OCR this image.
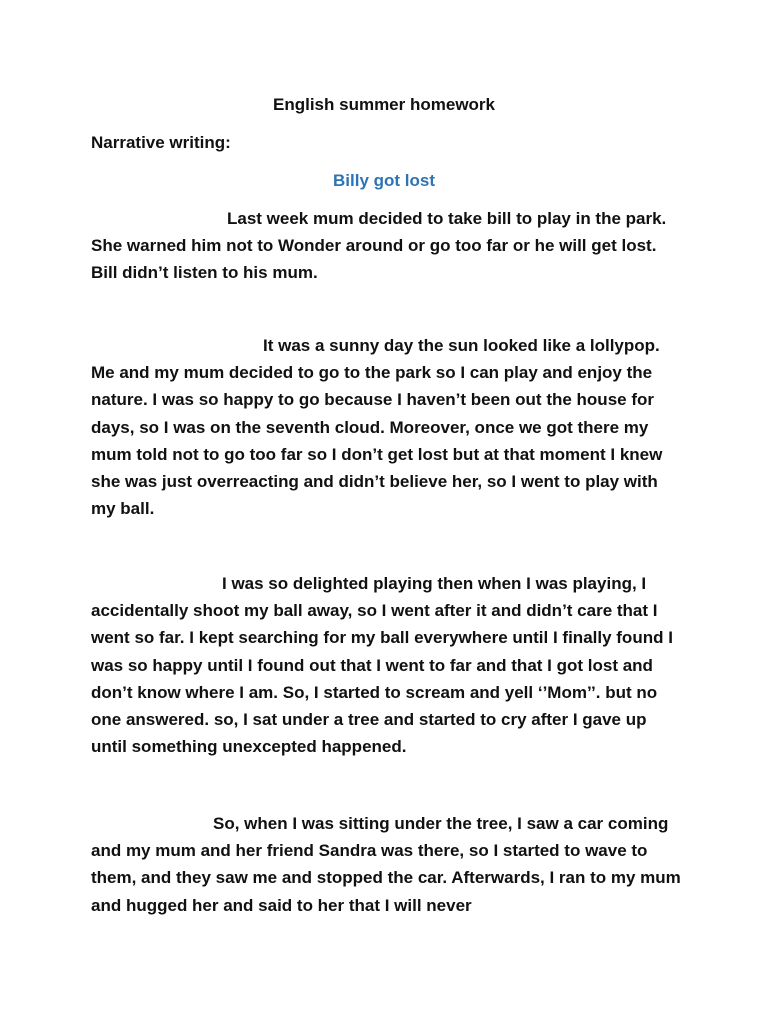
English summer homework

Narrative writing:

Billy got lost

Last week mum decided to take bill to play in the park. She warned him not to Wonder around or go too far or he will get lost. Bill didn’t listen to his mum.

It was a sunny day the sun looked like a lollypop. Me and my mum decided to go to the park so I can play and enjoy the nature. I was so happy to go because I haven’t been out the house for days, so I was on the seventh cloud. Moreover, once we got there my mum told not to go too far so I don’t get lost but at that moment I knew she was just overreacting and didn’t believe her, so I went to play with my ball.

I was so delighted playing then when I was playing, I accidentally shoot my ball away, so I went after it and didn’t care that I went so far. I kept searching for my ball everywhere until I finally found I was so happy until I found out that I went to far and that I got lost and don’t know where I am. So, I started to scream and yell ‘’Mom’’. but no one answered. so, I sat under a tree and started to cry after I gave up until something unexcepted happened.

So, when I was sitting under the tree, I saw a car coming and my mum and her friend Sandra was there, so I started to wave to them, and they saw me and stopped the car. Afterwards, I ran to my mum and hugged her and said to her that I will never
